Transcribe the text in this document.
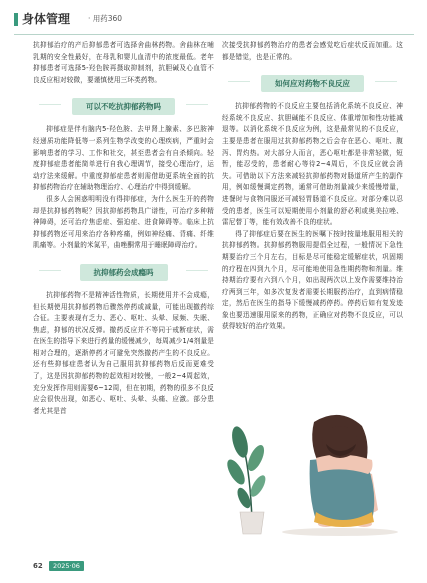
身体管理 · 用药360

抗抑郁治疗的产后抑郁患者可选择舍曲林药物。舍曲林在哺乳期的安全性最好，在母乳和婴儿血清中的浓度最低。老年抑郁患者可选择5-羟色胺再摄取抑制剂，抗胆碱及心血管不良反应相对较微，要谨慎使用三环类药物。

可以不吃抗抑郁药物吗

抑郁症是伴有脑内5-羟色胺、去甲肾上腺素、多巴胺神经递质功能降低等一系列生物学改变的心理疾病，严重时会影响患者的学习、工作和社交，甚至患者会有自杀倾向。轻度抑郁症患者能简单进行自我心理调节，接受心理治疗，运动疗法来缓解。中重度抑郁症患者则需借助更系统全面的抗抑郁药物治疗在辅助物理治疗、心理治疗中得到缓解。

很多人会困惑明明没有得抑郁症，为什么医生开的药物却是抗抑郁药物呢？因抗抑郁药物具广谱性，可治疗多种精神障碍，还可治疗焦虑症、强迫症、进食障碍等。临床上抗抑郁药物还可用来治疗各种疼痛，例如神经痛、背痛、纤维肌痛等。小剂量的米氮平，曲唑酮常用于睡眠障碍治疗。

抗抑郁药会成瘾吗

抗抑郁药物不是精神活性物质，长期使用并不会成瘾，但长期使用抗抑郁药物后骤然停药或减量，可能出现撤药综合征。主要表现有乏力、恶心、呕吐、头晕、尿频、失眠、焦虑，抑郁的状况反弹。撤药反应并不等同于戒断症状，需在医生的指导下来进行药量的缓慢减少，每周减少1/4剂量是相对合理的，逐渐停药才可避免突然撤药产生的不良反应。还有些抑郁症患者认为自己服用抗抑郁药物后反而更难受了，这是因抗抑郁药物的起效相对较慢，一般2~4周起效，充分发挥作用则需要6~12周，但在初期，药物的很多不良反应会很快出现，如恶心、呕吐、头晕、头痛、应激。部分患者尤其是首

次接受抗抑郁药物治疗的患者会感觉吃后症状反而加重。这都是错觉，也是正常的。

如何应对药物不良反应

抗抑郁药物的不良反应主要包括消化系统不良反应、神经系统不良反应、抗胆碱能不良反应、体重增加和性功能减退等。以消化系统不良反应为例，这是最常见的不良反应，主要是患者在服用过抗抑郁药物之后会存在恶心、呕吐、腹泻、胃灼热。对大部分人而言，恶心呕吐都是非常轻微，短暂，能忍受的，患者耐心等待2~4周后，不良反应就会消失。可借助以下方法来减轻抗抑郁药物对肠道所产生的副作用，例如缓慢调定药物，通常可借助剂量减少来缓慢增量，进餐时与食物同服还可减轻胃肠道不良反应。对部分难以忍受的患者，医生可以短期使用小剂量的舒必利或奥美拉唑、雷尼替丁等，能有效改善不良的症状。

得了抑郁症后要在医生的医嘱下按时按量地服用相关的抗抑郁药物。抗抑郁药物服用提倡全过程，一般情况下急性期要治疗三个月左右，目标是尽可能稳定缓解症状，巩固期的疗程在四到九个月，尽可能地使用急性期药物和剂量。维持期治疗要有六到八个月，如出现两次以上发作需要维持治疗两到三年，如多次复发者需要长期服药治疗，直到病情稳定，然后在医生的指导下缓慢减药停药。停药后如有复发迹象也要迅速服用原来的药物，正确应对药物不良反应，可以获得较好的治疗效果。

62 2025·06
